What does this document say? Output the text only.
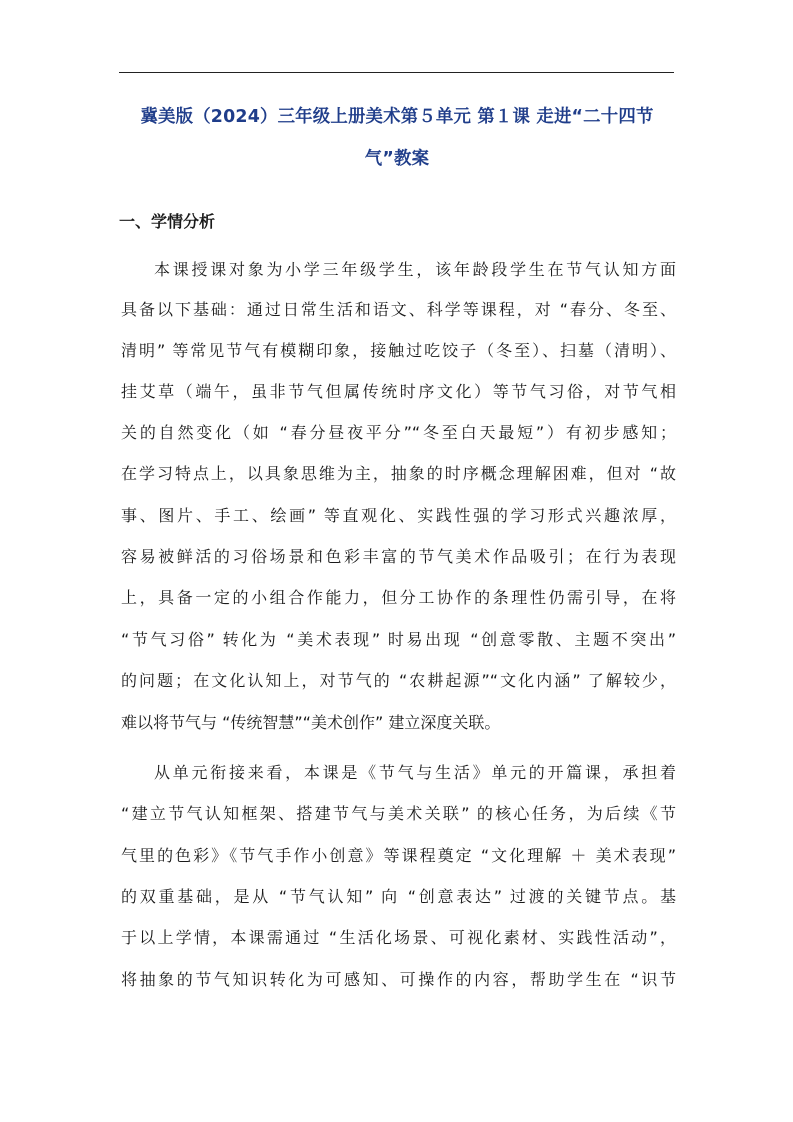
冀美版（2024）三年级上册美术第５单元 第１课 走进“二十四节气”教案
一、学情分析
本课授课对象为小学三年级学生，该年龄段学生在节气认知方面
具备以下基础：通过日常生活和语文、科学等课程，对 “春分、冬至、
清明” 等常见节气有模糊印象，接触过吃饺子（冬至）、扫墓（清明）、
挂艾草（端午，虽非节气但属传统时序文化）等节气习俗，对节气相
关的自然变化（如 “春分昼夜平分”“冬至白天最短”）有初步感知；
在学习特点上，以具象思维为主，抽象的时序概念理解困难，但对 “故
事、图片、手工、绘画” 等直观化、实践性强的学习形式兴趣浓厚，
容易被鲜活的习俗场景和色彩丰富的节气美术作品吸引；在行为表现
上，具备一定的小组合作能力，但分工协作的条理性仍需引导，在将
“节气习俗” 转化为 “美术表现” 时易出现 “创意零散、主题不突出”
的问题；在文化认知上，对节气的 “农耕起源”“文化内涵” 了解较少，
难以将节气与 “传统智慧”“美术创作” 建立深度关联。
从单元衔接来看，本课是《节气与生活》单元的开篇课，承担着
“建立节气认知框架、搭建节气与美术关联” 的核心任务，为后续《节
气里的色彩》《节气手作小创意》等课程奠定 “文化理解 ＋ 美术表现”
的双重基础，是从 “节气认知” 向 “创意表达” 过渡的关键节点。基
于以上学情，本课需通过 “生活化场景、可视化素材、实践性活动”，
将抽象的节气知识转化为可感知、可操作的内容，帮助学生在 “识节
